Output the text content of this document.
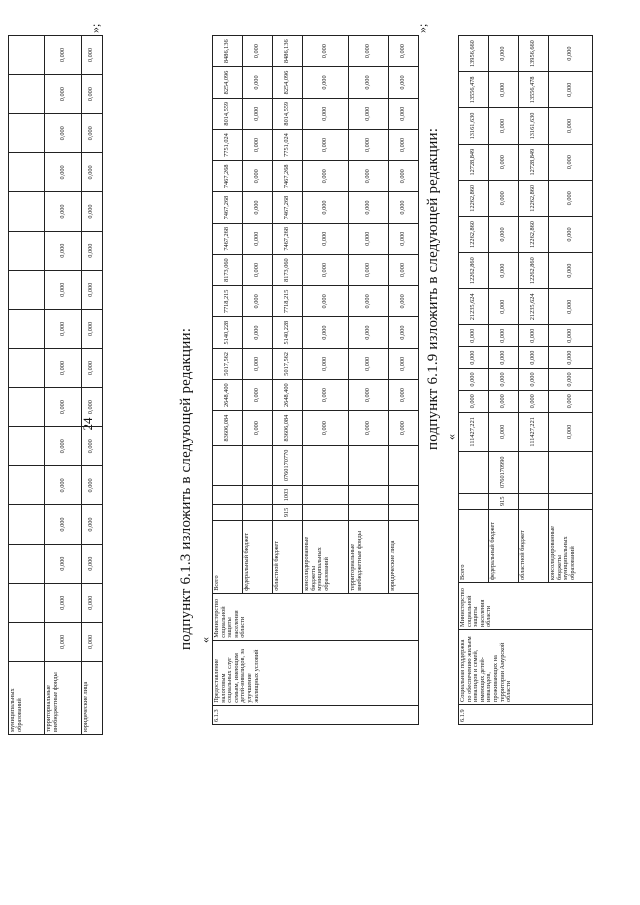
24
муниципальных образований																
территориальные внебюджетные фонды	0,000	0,000	0,000	0,000	0,000	0,000	0,000	0,000	0,000	0,000	0,000	0,000	0,000	0,000	0,000	0,000
юридические лица	0,000	0,000	0,000	0,000	0,000	0,000	0,000	0,000	0,000	0,000	0,000	0,000	0,000	0,000	0,000	0,000
»;
подпункт 6.1.3 изложить в следующей редакции: «
6.1.3	Предоставление налоговым социальных слуг семьям, имеющим детей-инвалидов, за улучшение жилищных условий	Министерство социальной защиты населения области	Всего				83606,084	2648,400	5017,562	5140,228	7718,215	8173,060	7467,268	7467,268	7467,268	7751,024	8014,559	8254,096	8486,136
			федеральный бюджет				0,000	0,000	0,000	0,000	0,000	0,000	0,000	0,000	0,000	0,000	0,000	0,000	0,000
			областной бюджет	915	1003	0760170770	83606,084	2648,400	5017,562	5140,228	7718,215	8173,060	7467,268	7467,268	7467,268	7751,024	8014,559	8254,096	8486,136
			консолидированные бюджеты муниципальных образований				0,000	0,000	0,000	0,000	0,000	0,000	0,000	0,000	0,000	0,000	0,000	0,000	0,000
			территориальные внебюджетные фонды				0,000	0,000	0,000	0,000	0,000	0,000	0,000	0,000	0,000	0,000	0,000	0,000	0,000
			юридические лица				0,000	0,000	0,000	0,000	0,000	0,000	0,000	0,000	0,000	0,000	0,000	0,000	0,000
»;
подпункт 6.1.9 изложить в следующей редакции: «
6.1.9	Социальная поддержка по обеспечению жильем инвалидов и семей, имеющих детей-инвалидов, проживающих на территории Амурской области	Министерство социальной защиты населения области	Всего			111427,221	0,000	0,000	0,000	0,000	21235,624	12262,860	12262,860	12262,860	12728,849	13161,630	13556,478	13956,660
			федеральный бюджет	915	0760170990	0,000	0,000	0,000	0,000	0,000	0,000	0,000	0,000	0,000	0,000	0,000	0,000	0,000
			областной бюджет			111427,221	0,000	0,000	0,000	0,000	21235,624	12262,860	12262,860	12262,860	12728,849	13161,630	13556,478	13956,660
			консолидированные бюджеты муниципальных образований			0,000	0,000	0,000	0,000	0,000	0,000	0,000	0,000	0,000	0,000	0,000	0,000	0,000
